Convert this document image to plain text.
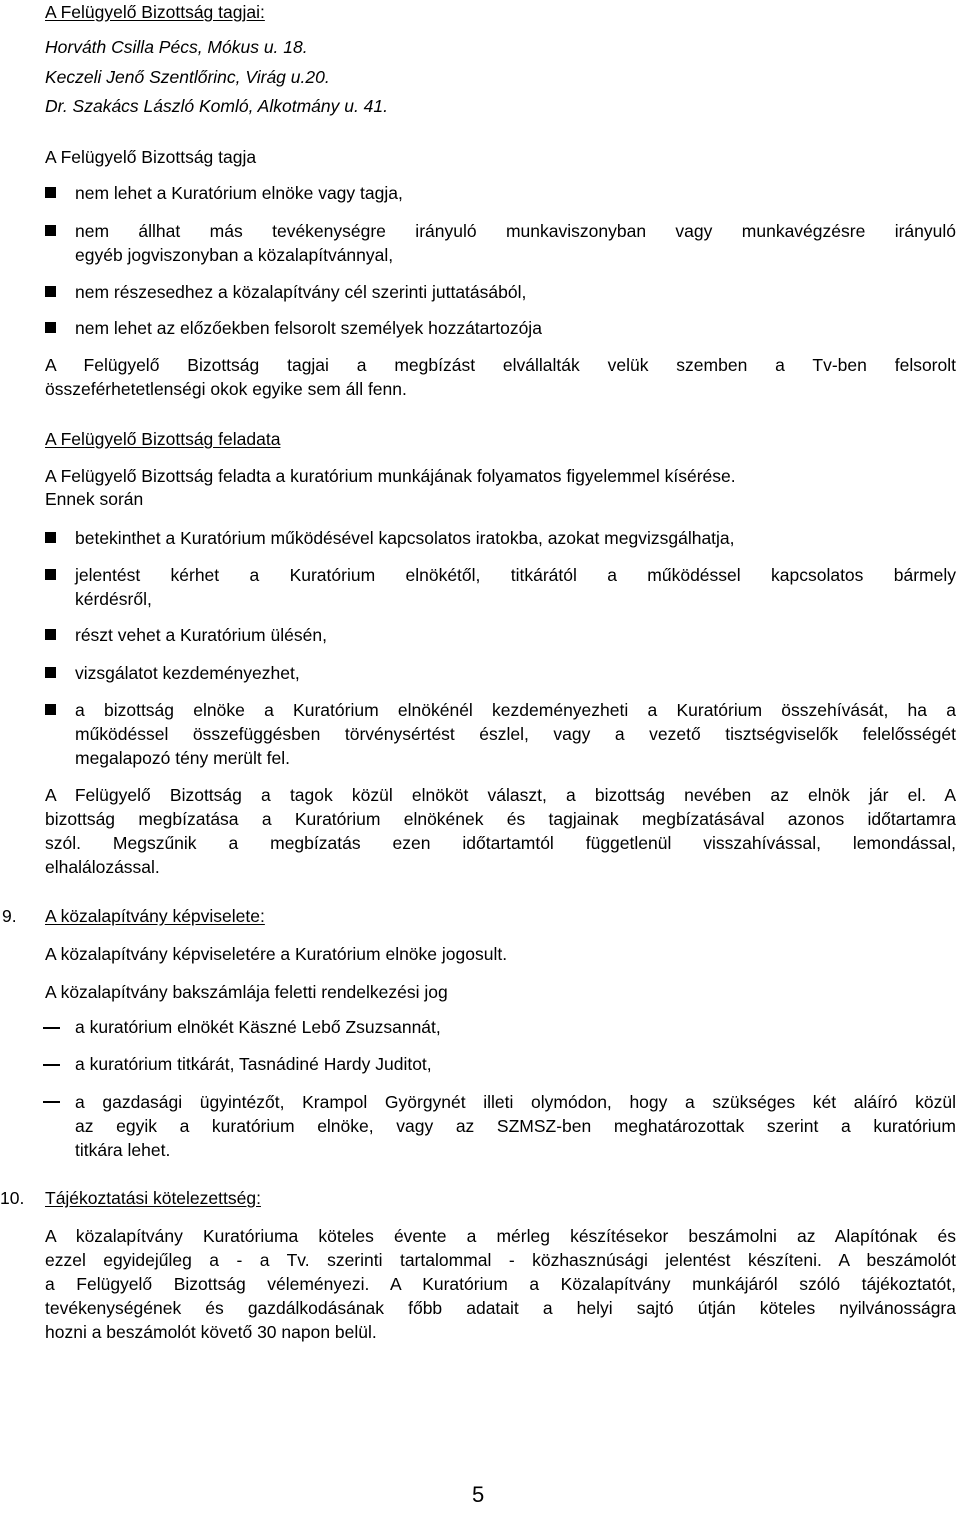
A Felügyelő Bizottság tagjai:
Horváth Csilla Pécs, Mókus u. 18.
Keczeli Jenő Szentlőrinc, Virág u.20.
Dr. Szakács László Komló, Alkotmány u. 41.
A Felügyelő Bizottság tagja
nem lehet a Kuratórium elnöke vagy tagja,
nem állhat más tevékenységre irányuló munkaviszonyban vagy munkavégzésre irányuló
egyéb jogviszonyban a közalapítvánnyal,
nem részesedhez a közalapítvány cél szerinti juttatásából,
nem lehet az előzőekben felsorolt személyek hozzátartozója
A Felügyelő Bizottság tagjai a megbízást elvállalták velük szemben a Tv-ben felsorolt
összeférhetetlenségi okok egyike sem áll fenn.
A Felügyelő Bizottság feladata
A Felügyelő Bizottság feladta a kuratórium munkájának folyamatos figyelemmel kísérése.
Ennek során
betekinthet a Kuratórium működésével kapcsolatos iratokba, azokat megvizsgálhatja,
jelentést kérhet a Kuratórium elnökétől, titkárától a működéssel kapcsolatos bármely
kérdésről,
részt vehet a Kuratórium ülésén,
vizsgálatot kezdeményezhet,
a bizottság elnöke a Kuratórium elnökénél kezdeményezheti a Kuratórium összehívását, ha a
működéssel összefüggésben törvénysértést észlel, vagy a vezető tisztségviselők felelősségét
megalapozó tény merült fel.
A Felügyelő Bizottság a tagok közül elnököt választ, a bizottság nevében az elnök jár el. A
bizottság megbízatása a Kuratórium elnökének és tagjainak megbízatásával azonos időtartamra
szól. Megszűnik a megbízatás ezen időtartamtól függetlenül visszahívással, lemondással,
elhalálozással.
9. A közalapítvány képviselete:
A közalapítvány képviseletére a Kuratórium elnöke jogosult.
A közalapítvány bakszámlája feletti rendelkezési jog
a kuratórium elnökét Käszné Lebő Zsuzsannát,
a kuratórium titkárát, Tasnádiné Hardy Juditot,
a gazdasági ügyintézőt, Krampol Györgynét illeti olymódon, hogy a szükséges két aláíró közül
az egyik a kuratórium elnöke, vagy az SZMSZ-ben meghatározottak szerint a kuratórium
titkára lehet.
10. Tájékoztatási kötelezettség:
A közalapítvány Kuratóriuma köteles évente a mérleg készítésekor beszámolni az Alapítónak és
ezzel egyidejűleg a - a Tv. szerinti tartalommal - közhasznúsági jelentést készíteni. A beszámolót
a Felügyelő Bizottság véleményezi. A Kuratórium a Közalapítvány munkájáról szóló tájékoztatót,
tevékenységének és gazdálkodásának főbb adatait a helyi sajtó útján köteles nyilvánosságra
hozni a beszámolót követő 30 napon belül.
5
